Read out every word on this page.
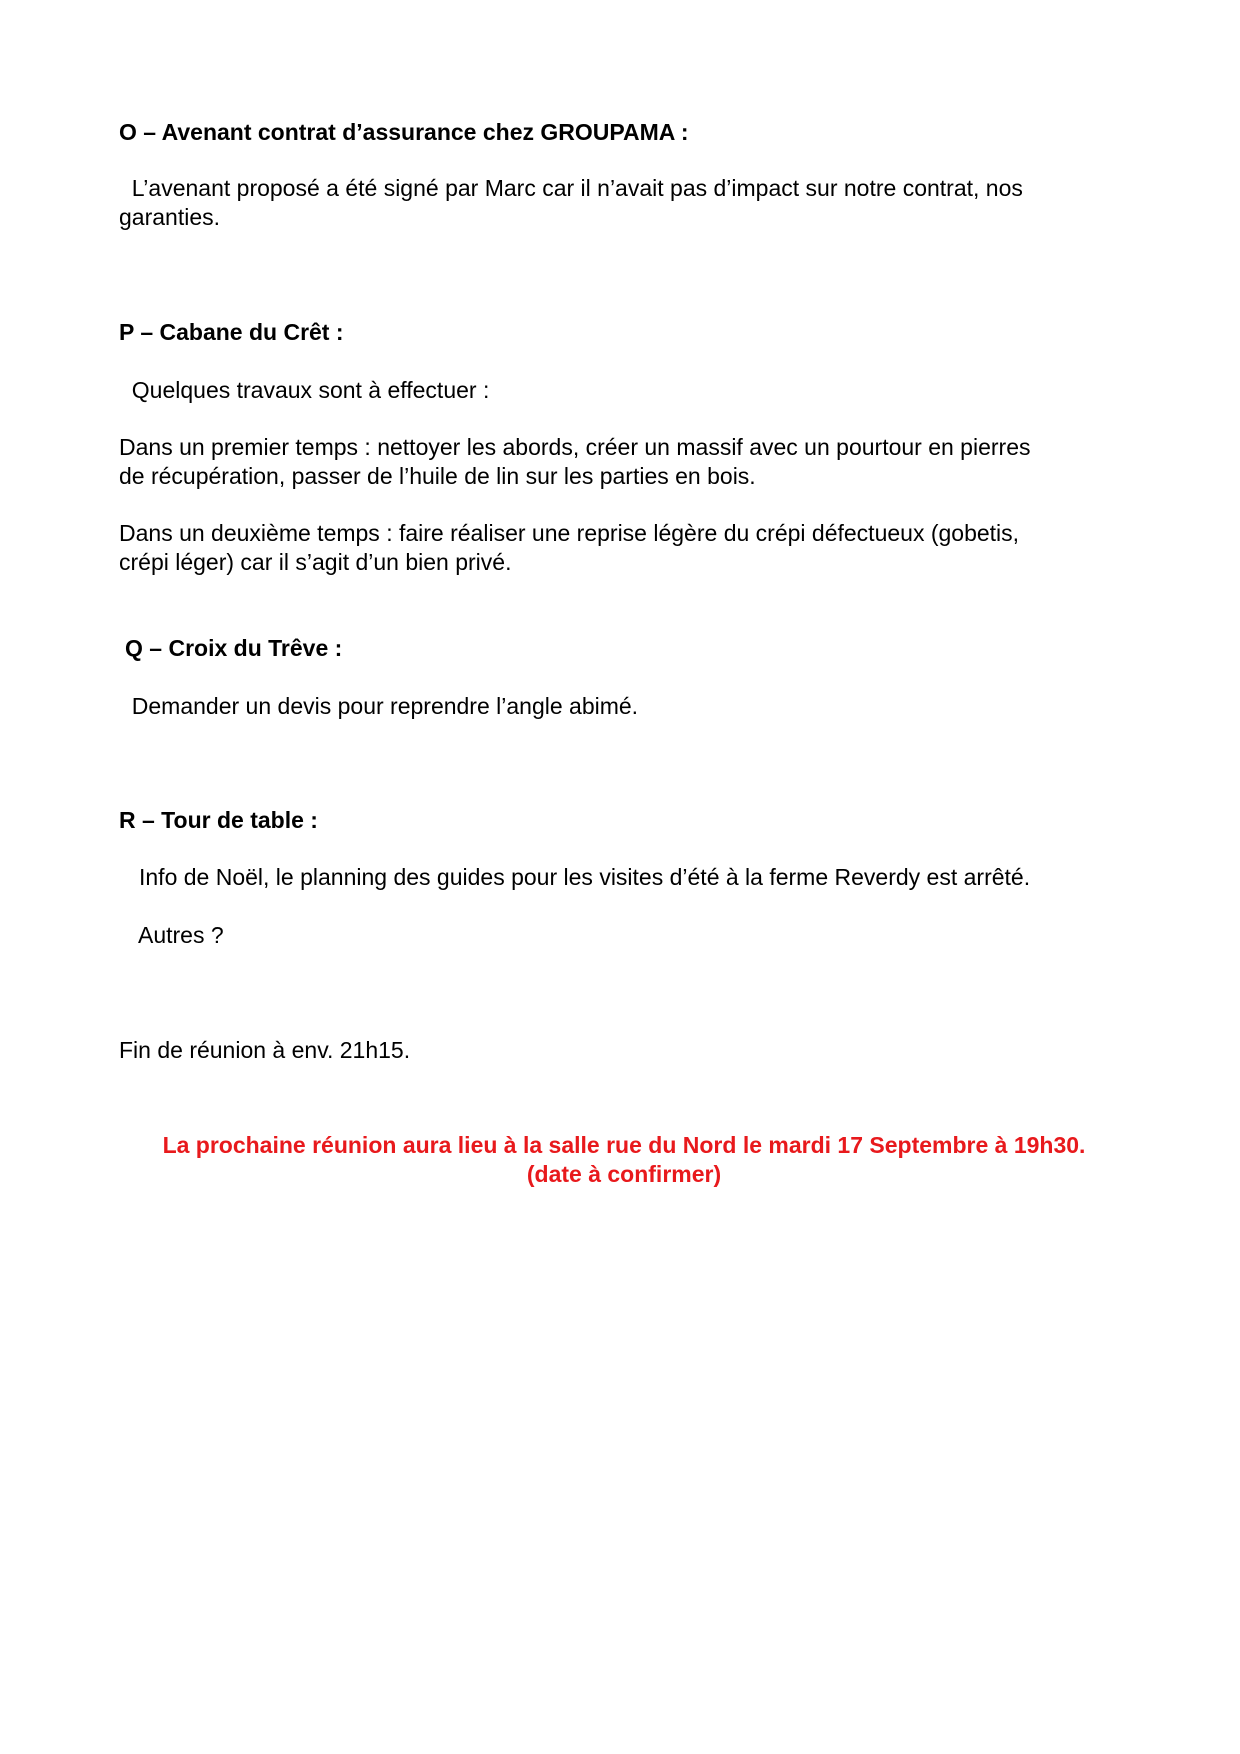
O – Avenant contrat d’assurance chez GROUPAMA :
L’avenant proposé a été signé par Marc car il n’avait pas d’impact sur notre contrat, nos
garanties.
P – Cabane du Crêt :
Quelques travaux sont à effectuer :
Dans un premier temps : nettoyer les abords, créer un massif avec un pourtour en pierres
de récupération, passer de l’huile de lin sur les parties en bois.
Dans un deuxième temps : faire réaliser une reprise légère du crépi défectueux (gobetis,
crépi léger) car il s’agit d’un bien privé.
Q – Croix du Trêve :
Demander un devis pour reprendre l’angle abimé.
R – Tour de table :
Info de Noël, le planning des guides pour les visites d’été à la ferme Reverdy est arrêté.
Autres ?
Fin de réunion à env. 21h15.
La prochaine réunion aura lieu à la salle rue du Nord le mardi 17 Septembre à 19h30.
(date à confirmer)
